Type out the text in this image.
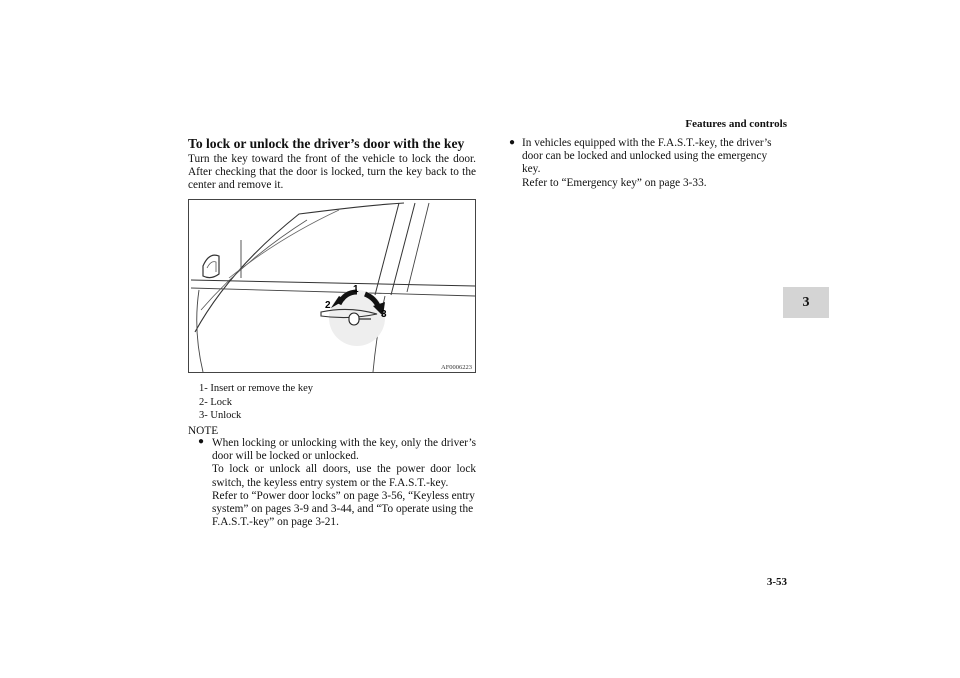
Features and controls
3
To lock or unlock the driver’s door with the key
Turn the key toward the front of the vehicle to lock the door. After checking that the door is locked, turn the key back to the center and remove it.
1
2
3
AF0006223
1- Insert or remove the key
2- Lock
3- Unlock
NOTE
● When locking or unlocking with the key, only the driver’s door will be locked or unlocked.
To lock or unlock all doors, use the power door lock switch, the keyless entry system or the F.A.S.T.-key.
Refer to “Power door locks” on page 3-56, “Keyless entry system” on pages 3-9 and 3-44, and “To operate using the F.A.S.T.-key” on page 3-21.
● In vehicles equipped with the F.A.S.T.-key, the driver’s door can be locked and unlocked using the emergency key.
Refer to “Emergency key” on page 3-33.
3-53
